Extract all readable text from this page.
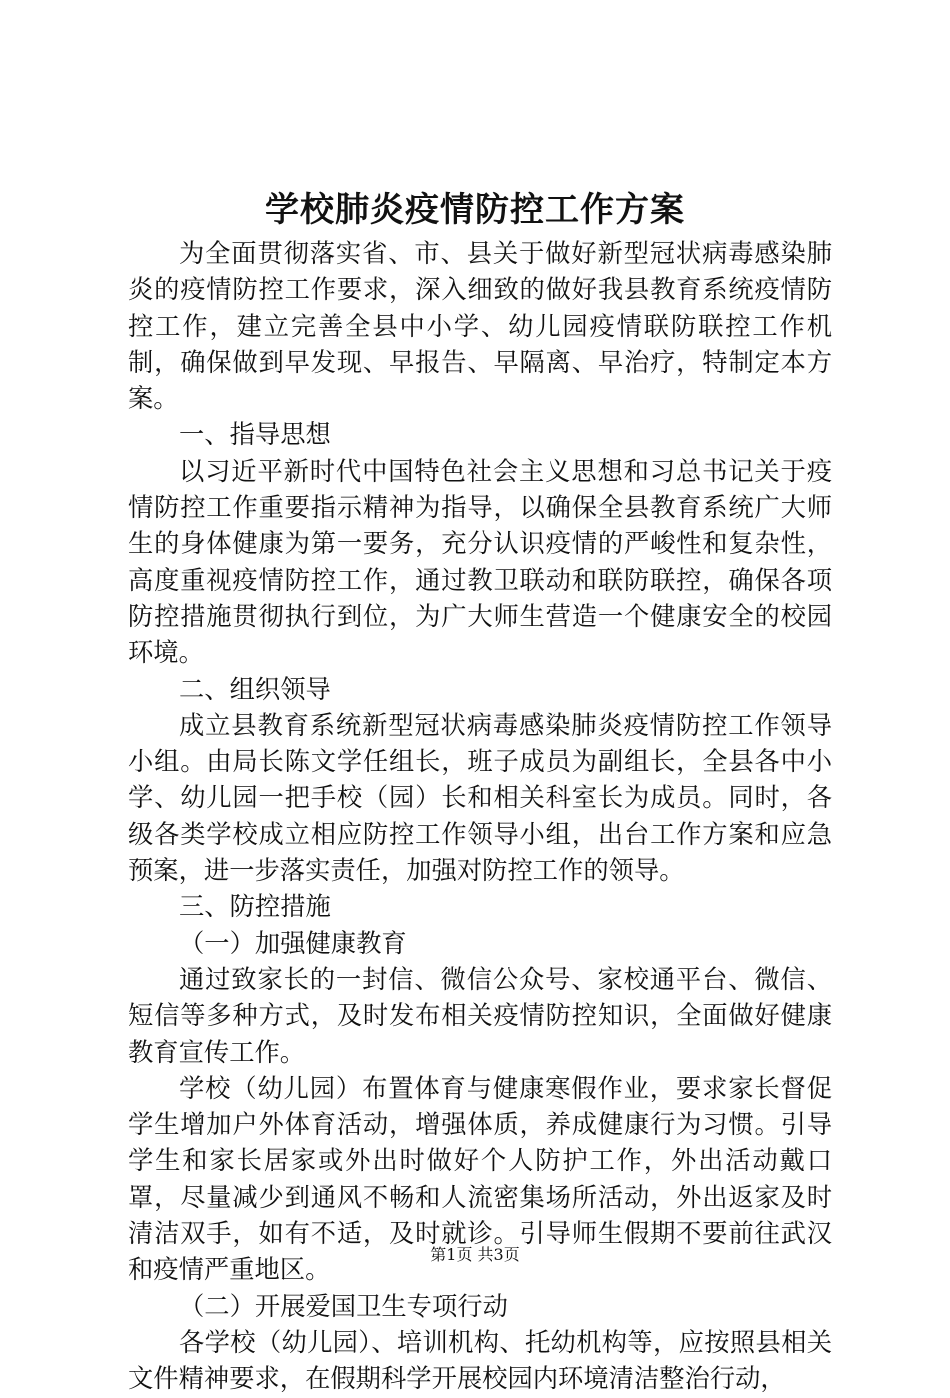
学校肺炎疫情防控工作方案

为全面贯彻落实省、市、县关于做好新型冠状病毒感染肺炎的疫情防控工作要求，深入细致的做好我县教育系统疫情防控工作，建立完善全县中小学、幼儿园疫情联防联控工作机制，确保做到早发现、早报告、早隔离、早治疗，特制定本方案。

一、指导思想

以习近平新时代中国特色社会主义思想和习总书记关于疫情防控工作重要指示精神为指导，以确保全县教育系统广大师生的身体健康为第一要务，充分认识疫情的严峻性和复杂性，高度重视疫情防控工作，通过教卫联动和联防联控，确保各项防控措施贯彻执行到位，为广大师生营造一个健康安全的校园环境。

二、组织领导

成立县教育系统新型冠状病毒感染肺炎疫情防控工作领导小组。由局长陈文学任组长，班子成员为副组长，全县各中小学、幼儿园一把手校（园）长和相关科室长为成员。同时，各级各类学校成立相应防控工作领导小组，出台工作方案和应急预案，进一步落实责任，加强对防控工作的领导。

三、防控措施

（一）加强健康教育

通过致家长的一封信、微信公众号、家校通平台、微信、短信等多种方式，及时发布相关疫情防控知识，全面做好健康教育宣传工作。

学校（幼儿园）布置体育与健康寒假作业，要求家长督促学生增加户外体育活动，增强体质，养成健康行为习惯。引导学生和家长居家或外出时做好个人防护工作，外出活动戴口罩，尽量减少到通风不畅和人流密集场所活动，外出返家及时清洁双手，如有不适，及时就诊。引导师生假期不要前往武汉和疫情严重地区。

（二）开展爱国卫生专项行动

各学校（幼儿园）、培训机构、托幼机构等，应按照县相关文件精神要求，在假期科学开展校园内环境清洁整治行动，

第1页 共3页
